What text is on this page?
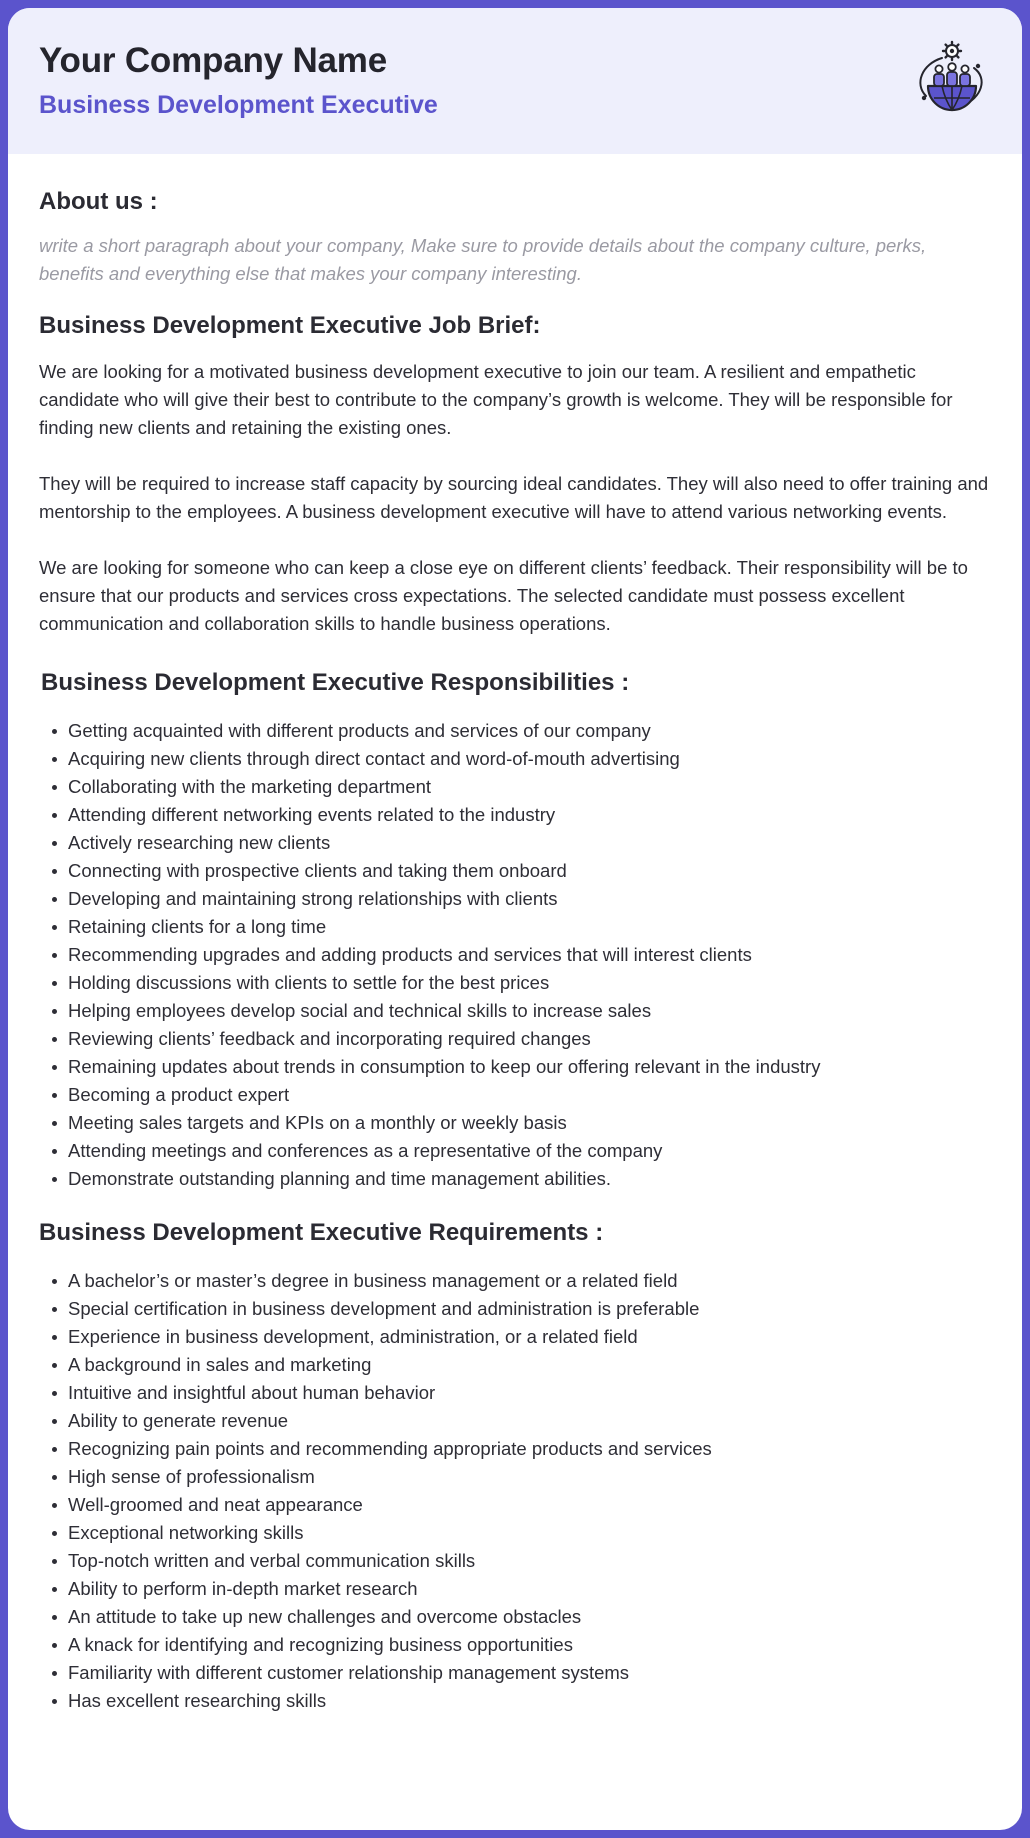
Your Company Name
Business Development Executive
About us :

write a short paragraph about your company, Make sure to provide details about the company culture, perks, benefits and everything else that makes your company interesting.

Business Development Executive Job Brief:

We are looking for a motivated business development executive to join our team. A resilient and empathetic candidate who will give their best to contribute to the company’s growth is welcome. They will be responsible for finding new clients and retaining the existing ones.

They will be required to increase staff capacity by sourcing ideal candidates. They will also need to offer training and mentorship to the employees. A business development executive will have to attend various networking events.

We are looking for someone who can keep a close eye on different clients’ feedback. Their responsibility will be to ensure that our products and services cross expectations. The selected candidate must possess excellent communication and collaboration skills to handle business operations.

Business Development Executive Responsibilities :
Getting acquainted with different products and services of our company
Acquiring new clients through direct contact and word-of-mouth advertising
Collaborating with the marketing department
Attending different networking events related to the industry
Actively researching new clients
Connecting with prospective clients and taking them onboard
Developing and maintaining strong relationships with clients
Retaining clients for a long time
Recommending upgrades and adding products and services that will interest clients
Holding discussions with clients to settle for the best prices
Helping employees develop social and technical skills to increase sales
Reviewing clients’ feedback and incorporating required changes
Remaining updates about trends in consumption to keep our offering relevant in the industry
Becoming a product expert
Meeting sales targets and KPIs on a monthly or weekly basis
Attending meetings and conferences as a representative of the company
Demonstrate outstanding planning and time management abilities.
Business Development Executive Requirements :
A bachelor’s or master’s degree in business management or a related field
Special certification in business development and administration is preferable
Experience in business development, administration, or a related field
A background in sales and marketing
Intuitive and insightful about human behavior
Ability to generate revenue
Recognizing pain points and recommending appropriate products and services
High sense of professionalism
Well-groomed and neat appearance
Exceptional networking skills
Top-notch written and verbal communication skills
Ability to perform in-depth market research
An attitude to take up new challenges and overcome obstacles
A knack for identifying and recognizing business opportunities
Familiarity with different customer relationship management systems
Has excellent researching skills
